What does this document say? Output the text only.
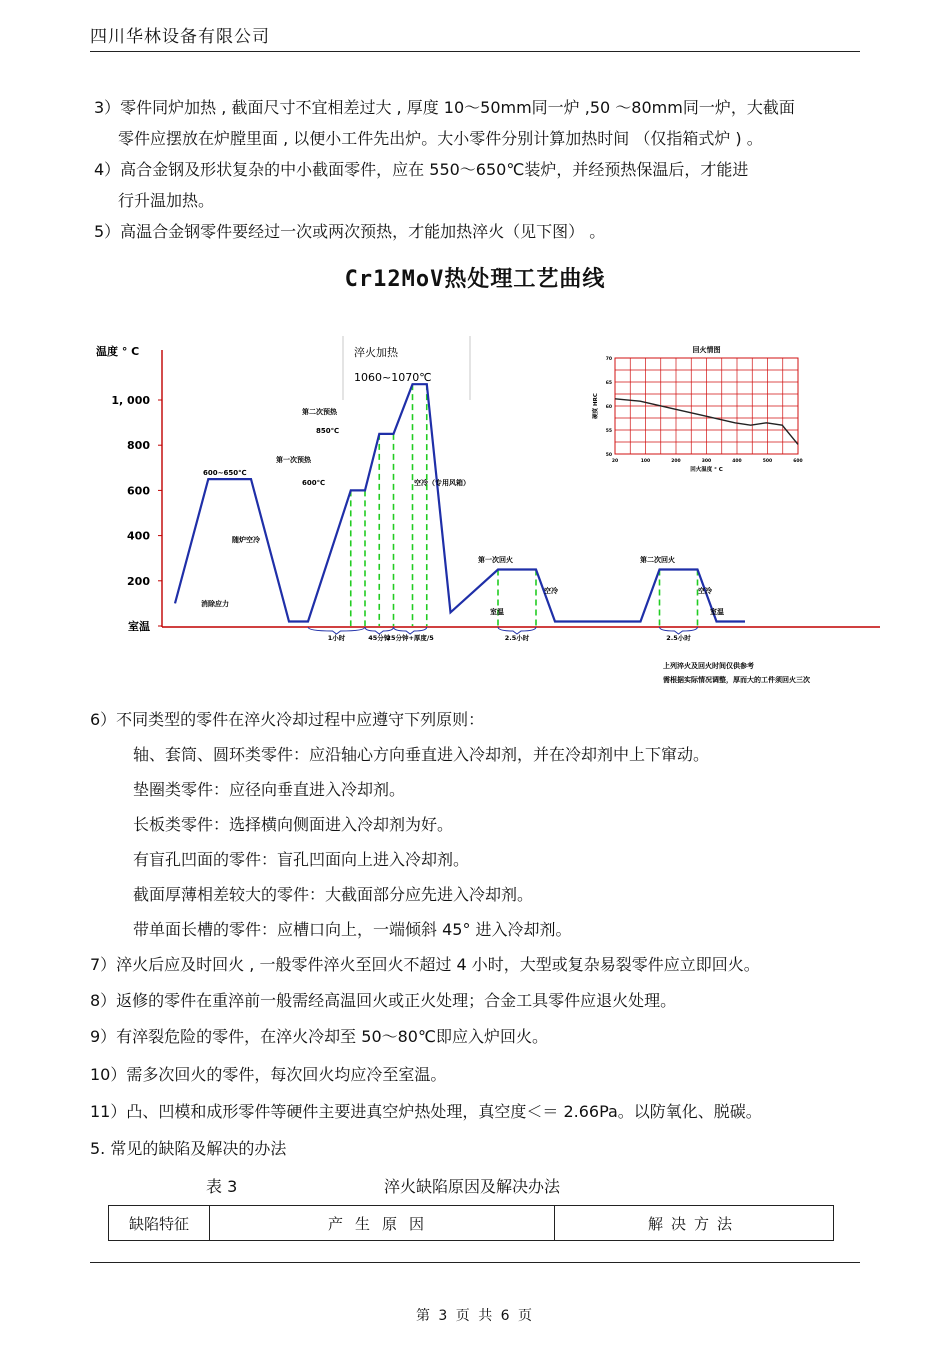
四川华林设备有限公司
3）零件同炉加热 , 截面尺寸不宜相差过大 , 厚度 10～50mm同一炉 ,50 ～80mm同一炉，大截面
零件应摆放在炉膛里面 , 以便小工件先出炉。大小零件分别计算加热时间 （仅指箱式炉 ) 。
4）高合金钢及形状复杂的中小截面零件，应在 550～650℃装炉，并经预热保温后，才能进
行升温加热。
5）高温合金钢零件要经过一次或两次预热，才能加热淬火（见下图） 。
Cr12MoV热处理工艺曲线
温度 ° C
室温
200
400
600
800
1, 000
1小时	45分钟
25分钟+厚度/5	2.5小时	2.5小时
淬火加热
1060~1070℃
600~650℃
消除应力
随炉空冷
第一次预热
600℃
第二次预热
850℃
空冷（专用风箱）
第一次回火	第二次回火
室温	室温
空冷	空冷
上列淬火及回火时间仅供参考
需根据实际情况调整，厚而大的工件须回火三次
回火情图
20	100	200	300	400	500	600
50
55
60
65
70
回火温度 ° C
硬度 HRC
6）不同类型的零件在淬火冷却过程中应遵守下列原则：
轴、套筒、圆环类零件：应沿轴心方向垂直进入冷却剂，并在冷却剂中上下窜动。
垫圈类零件：应径向垂直进入冷却剂。
长板类零件：选择横向侧面进入冷却剂为好。
有盲孔凹面的零件：盲孔凹面向上进入冷却剂。
截面厚薄相差较大的零件：大截面部分应先进入冷却剂。
带单面长槽的零件：应槽口向上，一端倾斜 45° 进入冷却剂。
7）淬火后应及时回火 , 一般零件淬火至回火不超过 4 小时，大型或复杂易裂零件应立即回火。
8）返修的零件在重淬前一般需经高温回火或正火处理；合金工具零件应退火处理。
9）有淬裂危险的零件，在淬火冷却至 50～80℃即应入炉回火。
10）需多次回火的零件，每次回火均应冷至室温。
11）凸、凹模和成形零件等硬件主要进真空炉热处理，真空度＜＝ 2.66Pa。以防氧化、脱碳。
5. 常见的缺陷及解决的办法
表 3	淬火缺陷原因及解决办法
缺陷特征	产生原因	解决方法
第 3 页 共 6 页
